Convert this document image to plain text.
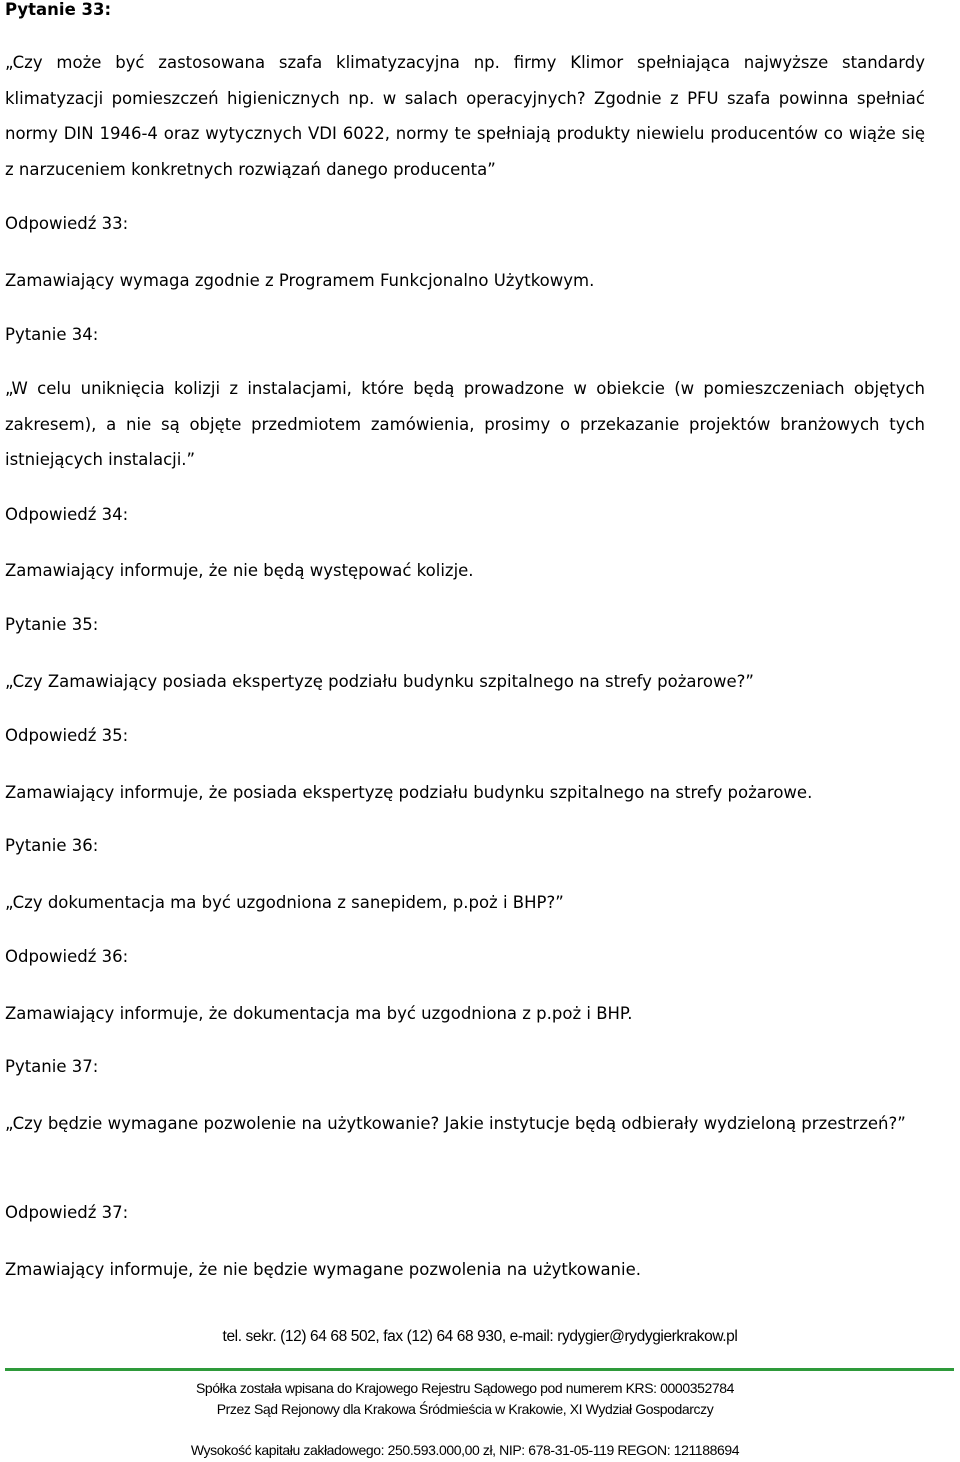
Pytanie 33:
„Czy może być zastosowana szafa klimatyzacyjna np. firmy Klimor spełniająca najwyższe standardy klimatyzacji pomieszczeń higienicznych np. w salach operacyjnych? Zgodnie z PFU szafa powinna spełniać normy DIN 1946-4 oraz wytycznych VDI 6022, normy te spełniają produkty niewielu producentów co wiąże się z narzuceniem konkretnych rozwiązań danego producenta”
Odpowiedź 33:
Zamawiający wymaga zgodnie z Programem Funkcjonalno Użytkowym.
Pytanie 34:
„W celu uniknięcia kolizji z instalacjami, które będą prowadzone w obiekcie (w pomieszczeniach objętych zakresem), a nie są objęte przedmiotem zamówienia, prosimy o przekazanie projektów branżowych tych istniejących instalacji.”
Odpowiedź 34:
Zamawiający informuje, że nie będą występować kolizje.
Pytanie 35:
„Czy Zamawiający posiada ekspertyzę podziału budynku szpitalnego na strefy pożarowe?”
Odpowiedź 35:
Zamawiający informuje, że posiada ekspertyzę podziału budynku szpitalnego na strefy pożarowe.
Pytanie 36:
„Czy dokumentacja ma być uzgodniona z sanepidem, p.poż i BHP?”
Odpowiedź 36:
Zamawiający informuje, że dokumentacja ma być uzgodniona z p.poż i BHP.
Pytanie 37:
„Czy będzie wymagane pozwolenie na użytkowanie? Jakie instytucje będą odbierały wydzieloną przestrzeń?”
Odpowiedź 37:
Zmawiający informuje, że nie będzie wymagane pozwolenia na użytkowanie.
tel. sekr. (12) 64 68 502, fax (12) 64 68 930, e-mail: rydygier@rydygierkrakow.pl
Spółka została wpisana do Krajowego Rejestru Sądowego pod numerem KRS: 0000352784
Przez Sąd Rejonowy dla Krakowa Śródmieścia w Krakowie, XI Wydział Gospodarczy
Wysokość kapitału zakładowego: 250.593.000,00 zł, NIP: 678-31-05-119 REGON: 121188694
